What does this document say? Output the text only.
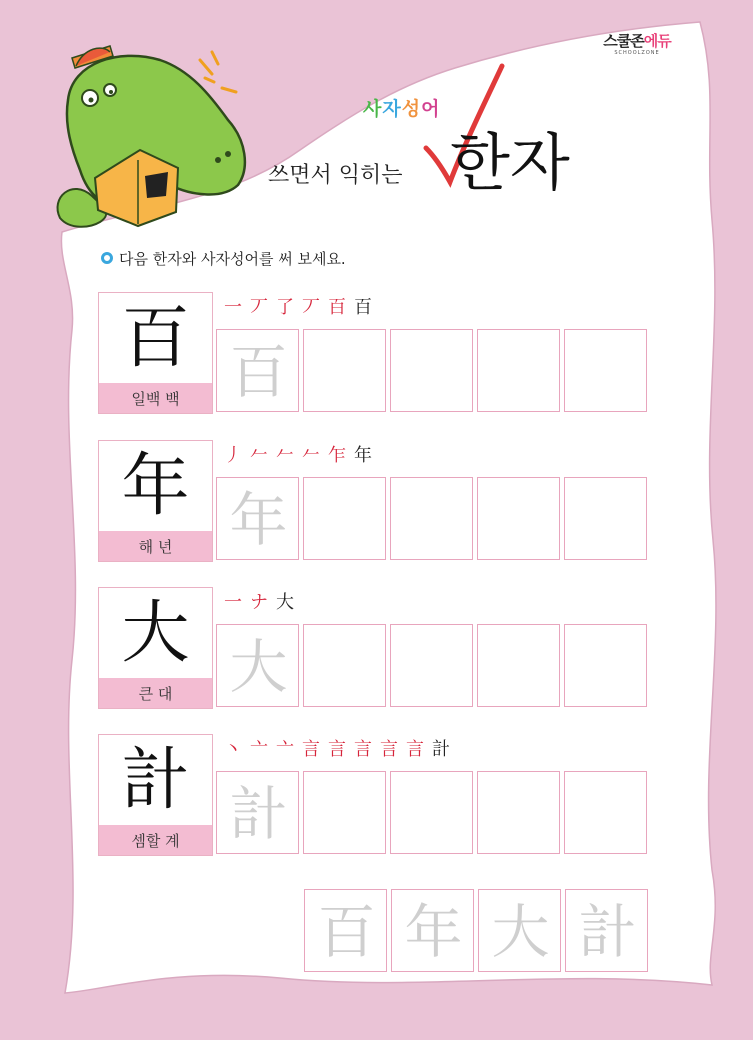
스쿨존에듀
SCHOOLZONE
쓰면서 익히는
사자성어
한자
다음 한자와 사자성어를 써 보세요.
百
일백 백
一 丆 了 丆 百 百
百
年
해 년
丿 𠂉 𠂉 𠂉 乍 年
年
大
큰 대
一 ナ 大
大
計
셈할 계
丶 亠 亠 言 言 言 言 言 計
計
百 年 大 計
